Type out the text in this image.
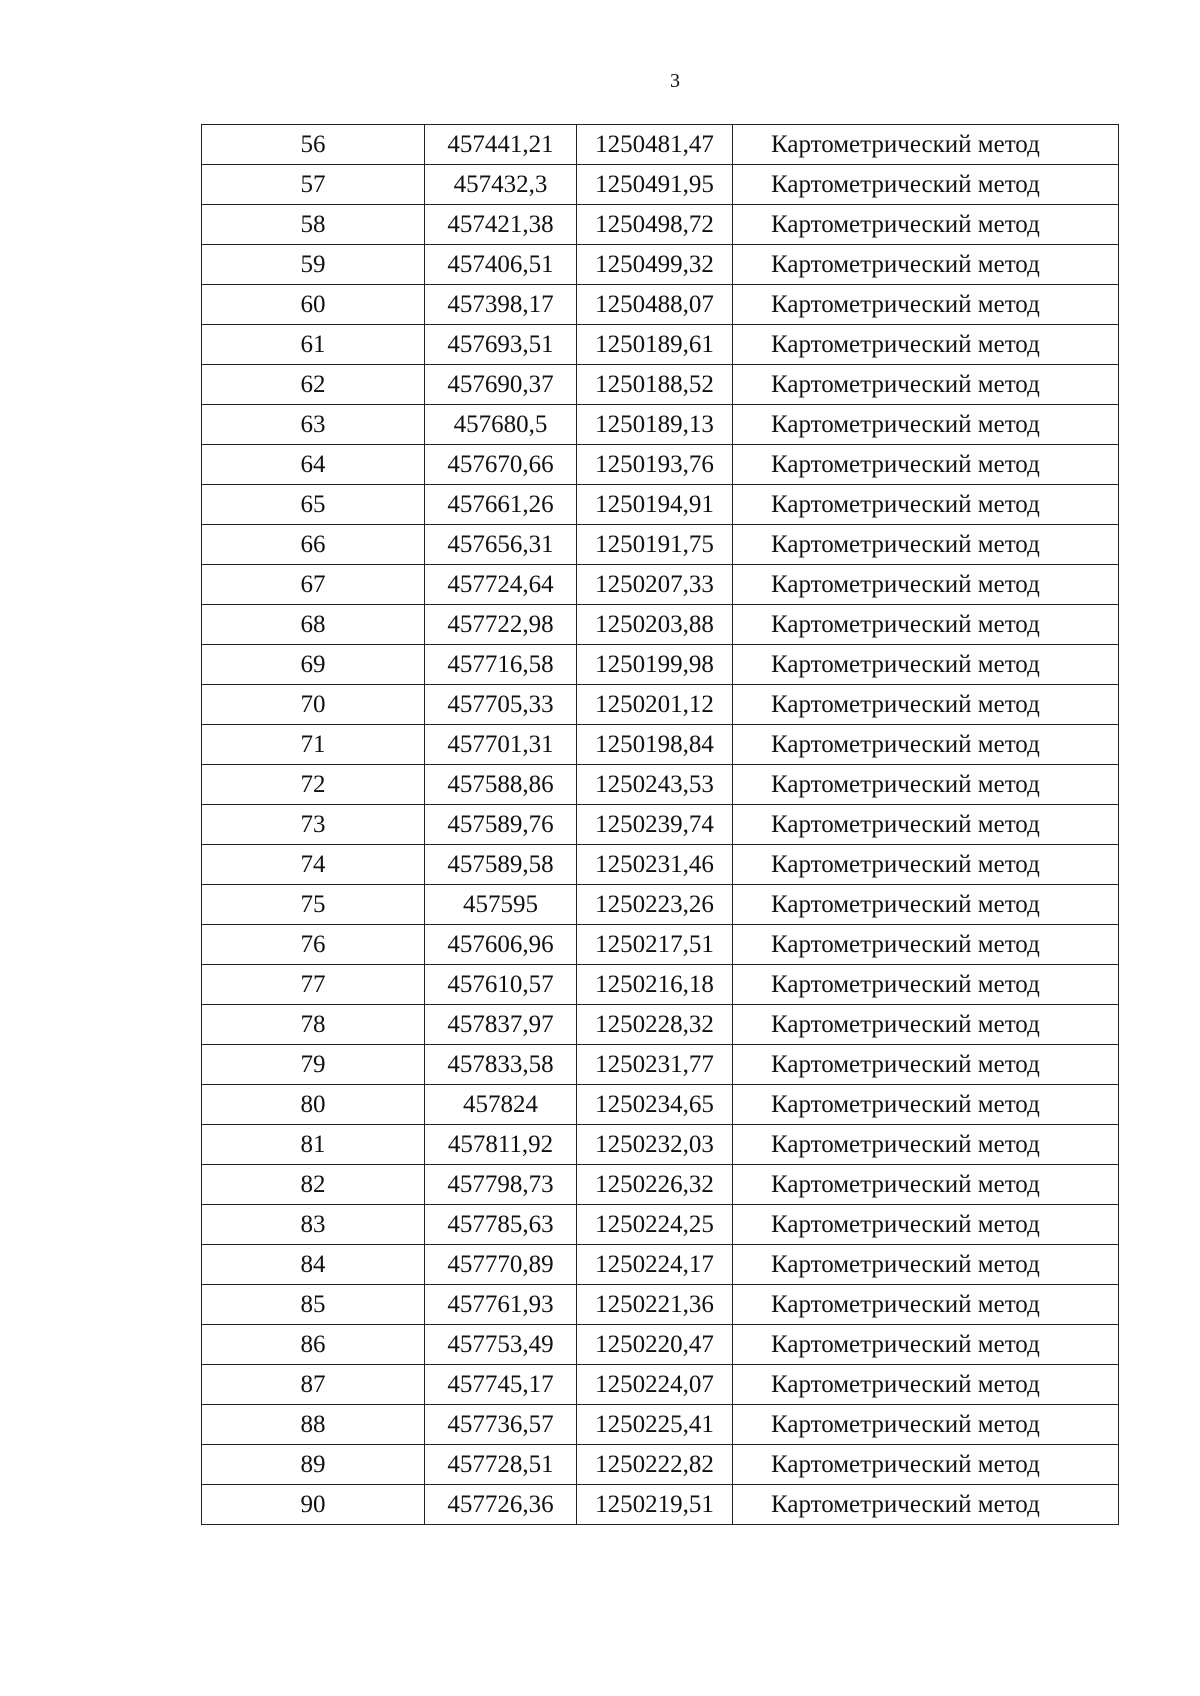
3
56	457441,21	1250481,47	Картометрический метод
57	457432,3	1250491,95	Картометрический метод
58	457421,38	1250498,72	Картометрический метод
59	457406,51	1250499,32	Картометрический метод
60	457398,17	1250488,07	Картометрический метод
61	457693,51	1250189,61	Картометрический метод
62	457690,37	1250188,52	Картометрический метод
63	457680,5	1250189,13	Картометрический метод
64	457670,66	1250193,76	Картометрический метод
65	457661,26	1250194,91	Картометрический метод
66	457656,31	1250191,75	Картометрический метод
67	457724,64	1250207,33	Картометрический метод
68	457722,98	1250203,88	Картометрический метод
69	457716,58	1250199,98	Картометрический метод
70	457705,33	1250201,12	Картометрический метод
71	457701,31	1250198,84	Картометрический метод
72	457588,86	1250243,53	Картометрический метод
73	457589,76	1250239,74	Картометрический метод
74	457589,58	1250231,46	Картометрический метод
75	457595	1250223,26	Картометрический метод
76	457606,96	1250217,51	Картометрический метод
77	457610,57	1250216,18	Картометрический метод
78	457837,97	1250228,32	Картометрический метод
79	457833,58	1250231,77	Картометрический метод
80	457824	1250234,65	Картометрический метод
81	457811,92	1250232,03	Картометрический метод
82	457798,73	1250226,32	Картометрический метод
83	457785,63	1250224,25	Картометрический метод
84	457770,89	1250224,17	Картометрический метод
85	457761,93	1250221,36	Картометрический метод
86	457753,49	1250220,47	Картометрический метод
87	457745,17	1250224,07	Картометрический метод
88	457736,57	1250225,41	Картометрический метод
89	457728,51	1250222,82	Картометрический метод
90	457726,36	1250219,51	Картометрический метод
